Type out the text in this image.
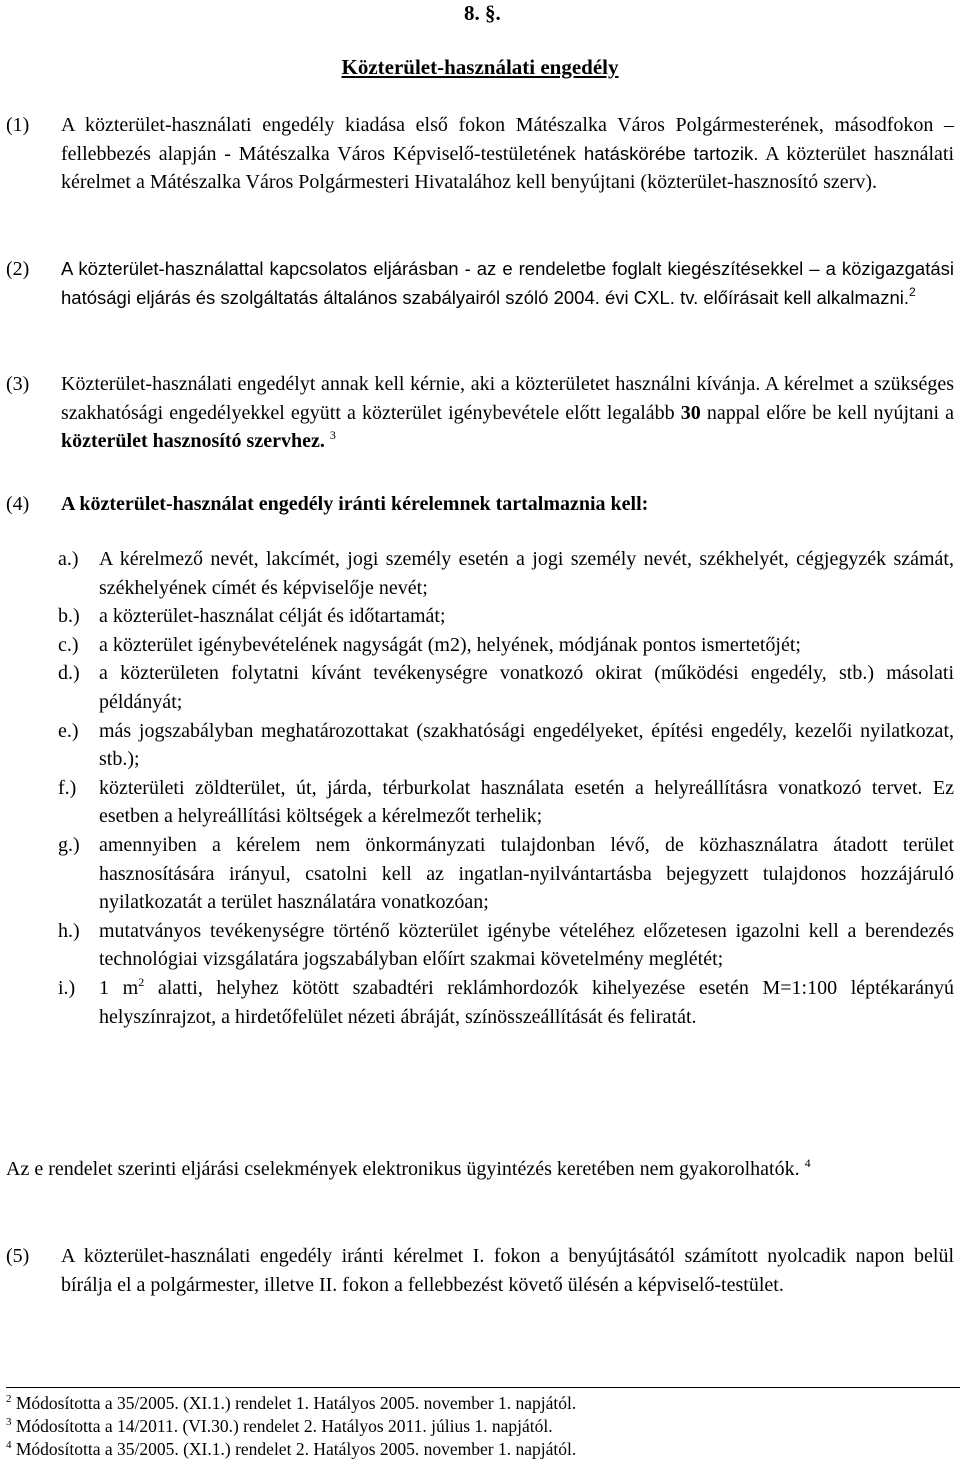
8. §.
Közterület-használati engedély
(1) A közterület-használati engedély kiadása első fokon Mátészalka Város Polgármesterének, másodfokon – fellebbezés alapján - Mátészalka Város Képviselő-testületének hatáskörébe tartozik. A közterület használati kérelmet a Mátészalka Város Polgármesteri Hivatalához kell benyújtani (közterület-hasznosító szerv).
(2) A közterület-használattal kapcsolatos eljárásban - az e rendeletbe foglalt kiegészítésekkel – a közigazgatási hatósági eljárás és szolgáltatás általános szabályairól szóló 2004. évi CXL. tv. előírásait kell alkalmazni.$^2$
(3) Közterület-használati engedélyt annak kell kérnie, aki a közterületet használni kívánja. A kérelmet a szükséges szakhatósági engedélyekkel együtt a közterület igénybevétele előtt legalább 30 nappal előre be kell nyújtani a közterület hasznosító szervhez. $^3$
(4) A közterület-használat engedély iránti kérelemnek tartalmaznia kell:
a.) A kérelmező nevét, lakcímét, jogi személy esetén a jogi személy nevét, székhelyét, cégjegyzék számát, székhelyének címét és képviselője nevét;
b.) a közterület-használat célját és időtartamát;
c.) a közterület igénybevételének nagyságát (m2), helyének, módjának pontos ismertetőjét;
d.) a közterületen folytatni kívánt tevékenységre vonatkozó okirat (működési engedély, stb.) másolati példányát;
e.) más jogszabályban meghatározottakat (szakhatósági engedélyeket, építési engedély, kezelői nyilatkozat, stb.);
f.) közterületi zöldterület, út, járda, térburkolat használata esetén a helyreállításra vonatkozó tervet. Ez esetben a helyreállítási költségek a kérelmezőt terhelik;
g.) amennyiben a kérelem nem önkormányzati tulajdonban lévő, de közhasználatra átadott terület hasznosítására irányul, csatolni kell az ingatlan-nyilvántartásba bejegyzett tulajdonos hozzájáruló nyilatkozatát a terület használatára vonatkozóan;
h.) mutatványos tevékenységre történő közterület igénybe vételéhez előzetesen igazolni kell a berendezés technológiai vizsgálatára jogszabályban előírt szakmai követelmény meglétét;
i.) 1 $m^2$ alatti, helyhez kötött szabadtéri reklámhordozók kihelyezése esetén M=1:100 léptékarányú helyszínrajzot, a hirdetőfelület nézeti ábráját, színösszeállítását és feliratát.
Az e rendelet szerinti eljárási cselekmények elektronikus ügyintézés keretében nem gyakorolhatók. $^4$
(5) A közterület-használati engedély iránti kérelmet I. fokon a benyújtásától számított nyolcadik napon belül bírálja el a polgármester, illetve II. fokon a fellebbezést követő ülésén a képviselő-testület.
$^2$ Módosította a 35/2005. (XI.1.) rendelet 1. Hatályos 2005. november 1. napjától.
$^3$ Módosította a 14/2011. (VI.30.) rendelet 2. Hatályos 2011. július 1. napjától.
$^4$ Módosította a 35/2005. (XI.1.) rendelet 2. Hatályos 2005. november 1. napjától.
